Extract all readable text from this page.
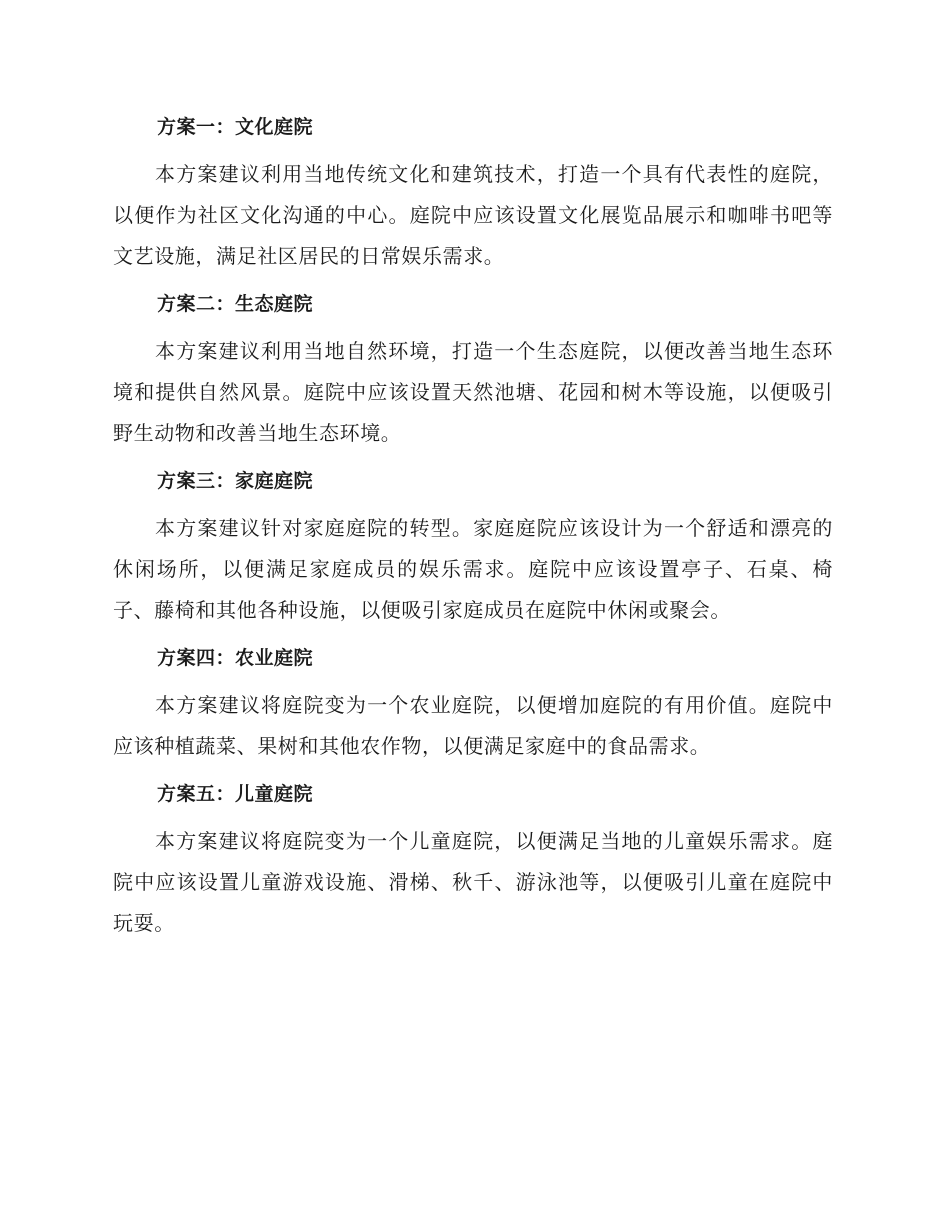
方案一：文化庭院

本方案建议利用当地传统文化和建筑技术，打造一个具有代表性的庭院，以便作为社区文化沟通的中心。庭院中应该设置文化展览品展示和咖啡书吧等文艺设施，满足社区居民的日常娱乐需求。

方案二：生态庭院

本方案建议利用当地自然环境，打造一个生态庭院，以便改善当地生态环境和提供自然风景。庭院中应该设置天然池塘、花园和树木等设施，以便吸引野生动物和改善当地生态环境。

方案三：家庭庭院

本方案建议针对家庭庭院的转型。家庭庭院应该设计为一个舒适和漂亮的休闲场所，以便满足家庭成员的娱乐需求。庭院中应该设置亭子、石桌、椅子、藤椅和其他各种设施，以便吸引家庭成员在庭院中休闲或聚会。

方案四：农业庭院

本方案建议将庭院变为一个农业庭院，以便增加庭院的有用价值。庭院中应该种植蔬菜、果树和其他农作物，以便满足家庭中的食品需求。

方案五：儿童庭院

本方案建议将庭院变为一个儿童庭院，以便满足当地的儿童娱乐需求。庭院中应该设置儿童游戏设施、滑梯、秋千、游泳池等，以便吸引儿童在庭院中玩耍。
